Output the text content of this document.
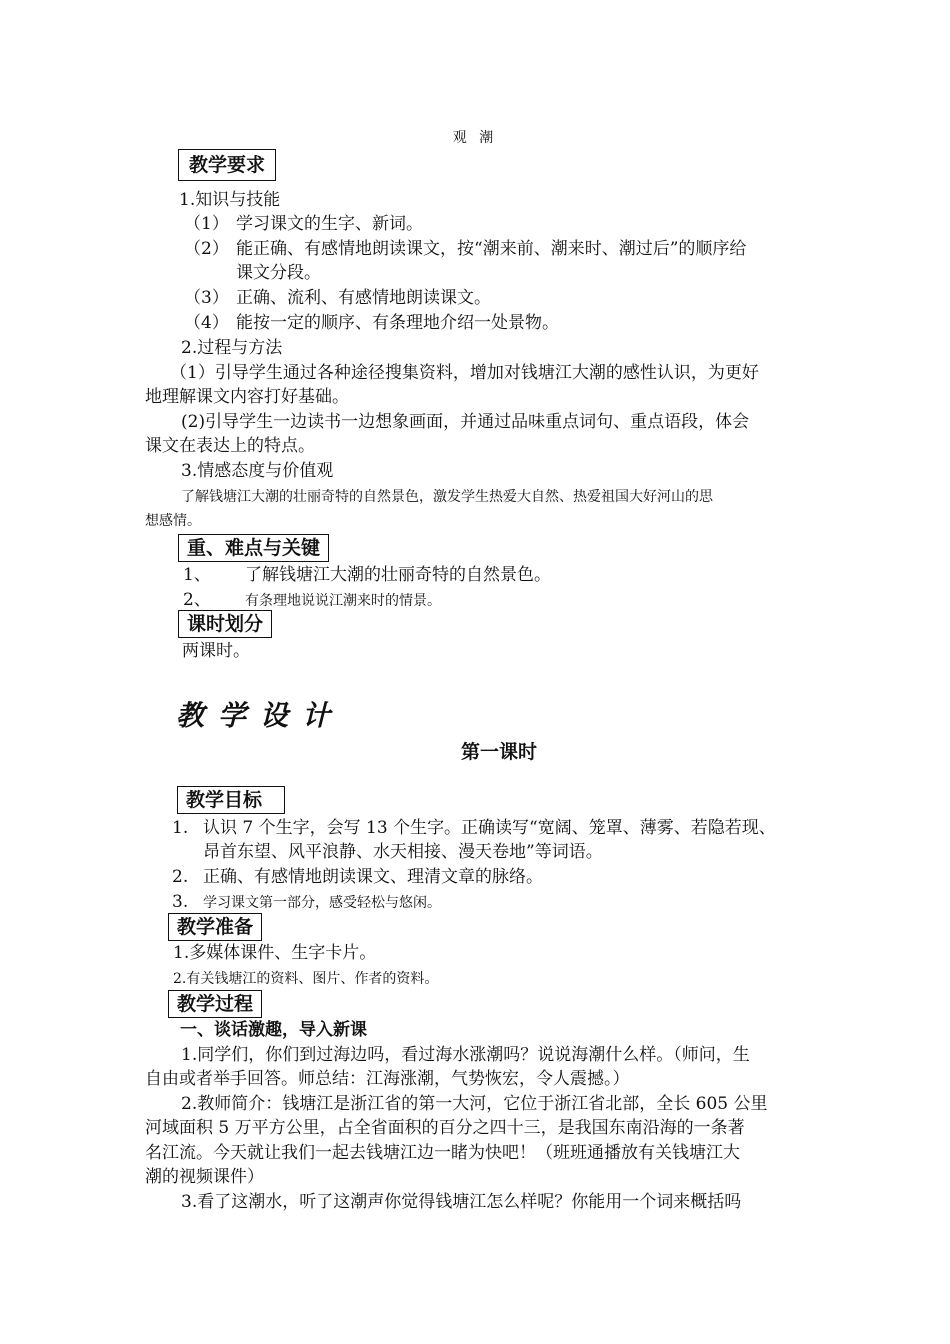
观 潮
教学要求
1.知识与技能
（1） 学习课文的生字、新词。
（2） 能正确、有感情地朗读课文，按“潮来前、潮来时、潮过后”的顺序给
课文分段。
（3） 正确、流利、有感情地朗读课文。
（4） 能按一定的顺序、有条理地介绍一处景物。
2.过程与方法
（1）引导学生通过各种途径搜集资料，增加对钱塘江大潮的感性认识，为更好
地理解课文内容打好基础。
(2)引导学生一边读书一边想象画面，并通过品味重点词句、重点语段，体会
课文在表达上的特点。
3.情感态度与价值观
了解钱塘江大潮的壮丽奇特的自然景色，激发学生热爱大自然、热爱祖国大好河山的思
想感情。
重、难点与关键
1、 了解钱塘江大潮的壮丽奇特的自然景色。
2、 有条理地说说江潮来时的情景。
课时划分
两课时。
教学设计
第一课时
教学目标
1. 认识 7 个生字，会写 13 个生字。正确读写“宽阔、笼罩、薄雾、若隐若现、
昂首东望、风平浪静、水天相接、漫天卷地”等词语。
2. 正确、有感情地朗读课文、理清文章的脉络。
3. 学习课文第一部分，感受轻松与悠闲。
教学准备
1.多媒体课件、生字卡片。
2.有关钱塘江的资料、图片、作者的资料。
教学过程
一、谈话激趣，导入新课
1.同学们，你们到过海边吗，看过海水涨潮吗？说说海潮什么样。（师问，生
自由或者举手回答。师总结：江海涨潮，气势恢宏，令人震撼。）
2.教师简介：钱塘江是浙江省的第一大河，它位于浙江省北部，全长 605 公里
河域面积 5 万平方公里，占全省面积的百分之四十三，是我国东南沿海的一条著
名江流。今天就让我们一起去钱塘江边一睹为快吧！（班班通播放有关钱塘江大
潮的视频课件）
3.看了这潮水，听了这潮声你觉得钱塘江怎么样呢？你能用一个词来概括吗
